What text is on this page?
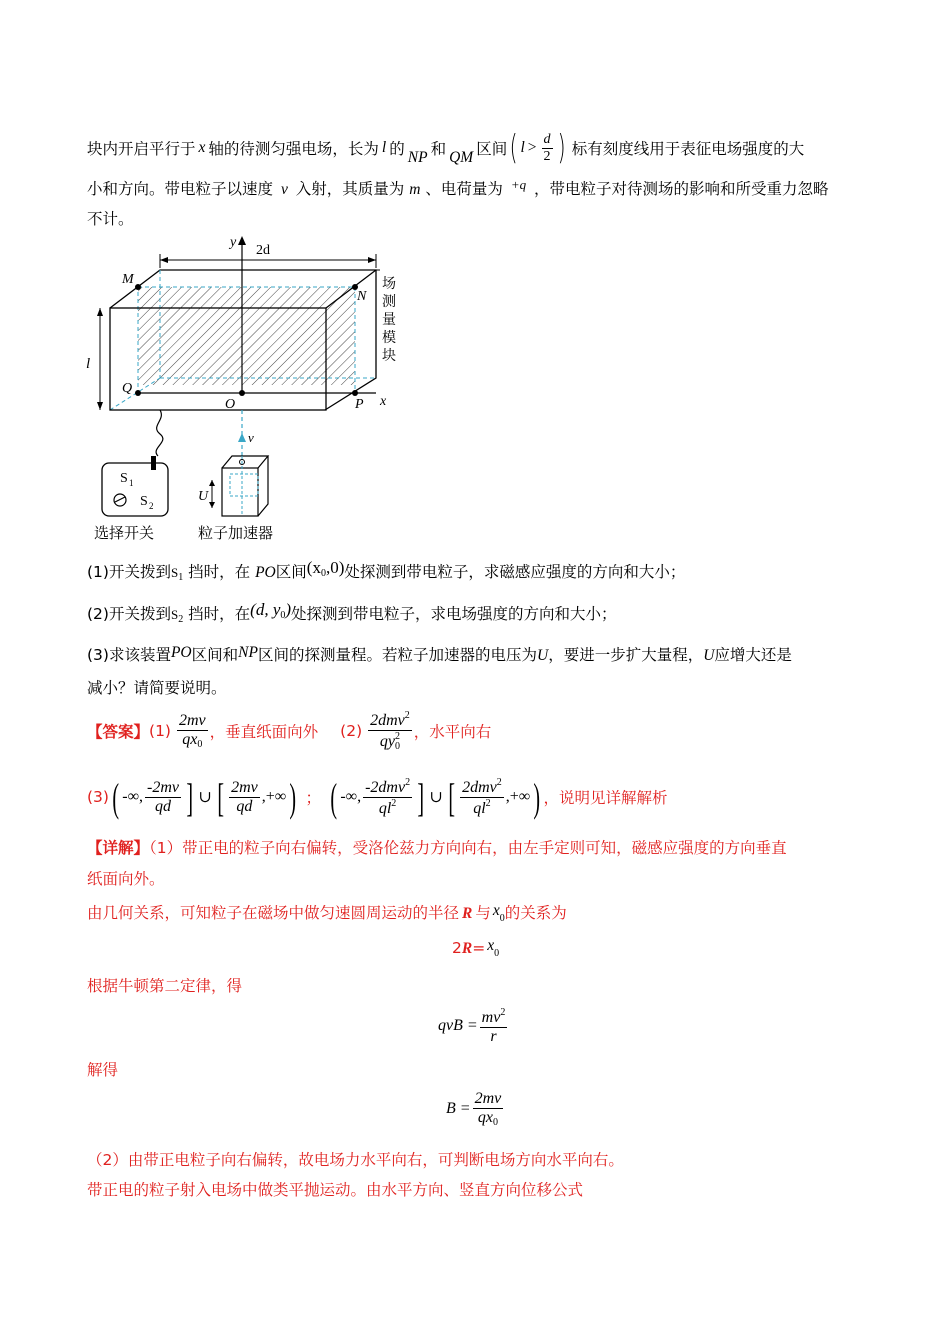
块内开启平行于 x 轴的待测匀强电场，长为 l 的 NP 和 QM 区间 ( $l > \frac{d}{2}$ ) 标有刻度线用于表征电场强度的大
小和方向。带电粒子以速度 v 入射，其质量为 m 、电荷量为 $^{+q}$ ，带电粒子对待测场的影响和所受重力忽略
不计。
y
x
2d
l
M
N
Q
O	P
场
测
量
模
块
v
S 1
S 2
选择开关
U
粒子加速器
(1)开关拨到$S_1$ 挡时，在 PO区间$(x_0,0)$处探测到带电粒子，求磁感应强度的方向和大小；
(2)开关拨到$S_2$ 挡时，在(d, $y_0$)处探测到带电粒子，求电场强度的方向和大小；
(3)求该装置PO区间和NP区间的探测量程。若粒子加速器的电压为U，要进一步扩大量程，U应增大还是
减小？请简要说明。
【答案】 $(1) \frac{2mv}{qx_0}$ ，垂直纸面向外 $(2) \frac{2dmv^2}{qy_0^2}$ ，水平向右
(3) ( -∞, $\frac{-2mv}{qd}$ ] ∪ [ $\frac{2mv}{qd}$ ,+∞ ) ； ( -∞, $\frac{-2dmv^2}{ql^2}$ ] ∪ [ $\frac{2dmv^2}{ql^2}$ ,+∞ ) ，说明见详解解析
【详解】（1）带正电的粒子向右偏转，受洛伦兹力方向向右，由左手定则可知，磁感应强度的方向垂直
纸面向外。
由几何关系，可知粒子在磁场中做匀速圆周运动的半径 R 与 $x_0$的关系为
$2R= x_0$
根据牛顿第二定律，得
qvB = $\frac{mv^2}{r}$
解得
$B = \frac{2mv}{qx_0}$
（2）由带正电粒子向右偏转，故电场力水平向右，可判断电场方向水平向右。
带正电的粒子射入电场中做类平抛运动。由水平方向、竖直方向位移公式
